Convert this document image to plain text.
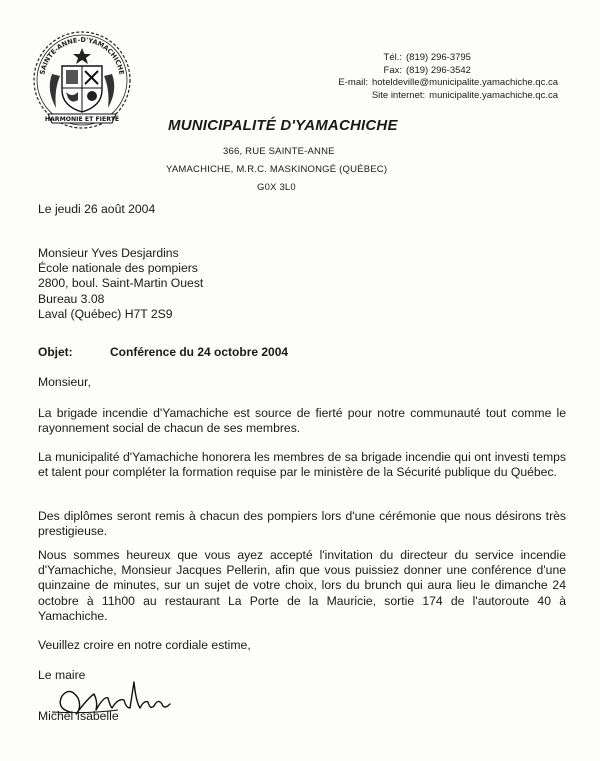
SAINTE-ANNE-D'YAMACHICHE
HARMONIE ET FIERTÉ
Tél.: (819) 296-3795
Fax: (819) 296-3542
E-mail: hoteldeville@municipalite.yamachiche.qc.ca
Site internet: municipalite.yamachiche.qc.ca
MUNICIPALITÉ D'YAMACHICHE
366, RUE SAINTE-ANNE
YAMACHICHE, M.R.C. MASKINONGÉ (QUÉBEC)
G0X 3L0
Le jeudi 26 août 2004
Monsieur Yves Desjardins
École nationale des pompiers
2800, boul. Saint-Martin Ouest
Bureau 3.08
Laval (Québec) H7T 2S9
Objet:	Conférence du 24 octobre 2004
Monsieur,
La brigade incendie d'Yamachiche est source de fierté pour notre communauté tout comme le rayonnement social de chacun de ses membres.
La municipalité d'Yamachiche honorera les membres de sa brigade incendie qui ont investi temps et talent pour compléter la formation requise par le ministère de la Sécurité publique du Québec.
Des diplômes seront remis à chacun des pompiers lors d'une cérémonie que nous désirons très prestigieuse.
Nous sommes heureux que vous ayez accepté l'invitation du directeur du service incendie d'Yamachiche, Monsieur Jacques Pellerin, afin que vous puissiez donner une conférence d'une quinzaine de minutes, sur un sujet de votre choix, lors du brunch qui aura lieu le dimanche 24 octobre à 11h00 au restaurant La Porte de la Mauricie, sortie 174 de l'autoroute 40 à Yamachiche.
Veuillez croire en notre cordiale estime,
Le maire
Michel Isabelle
